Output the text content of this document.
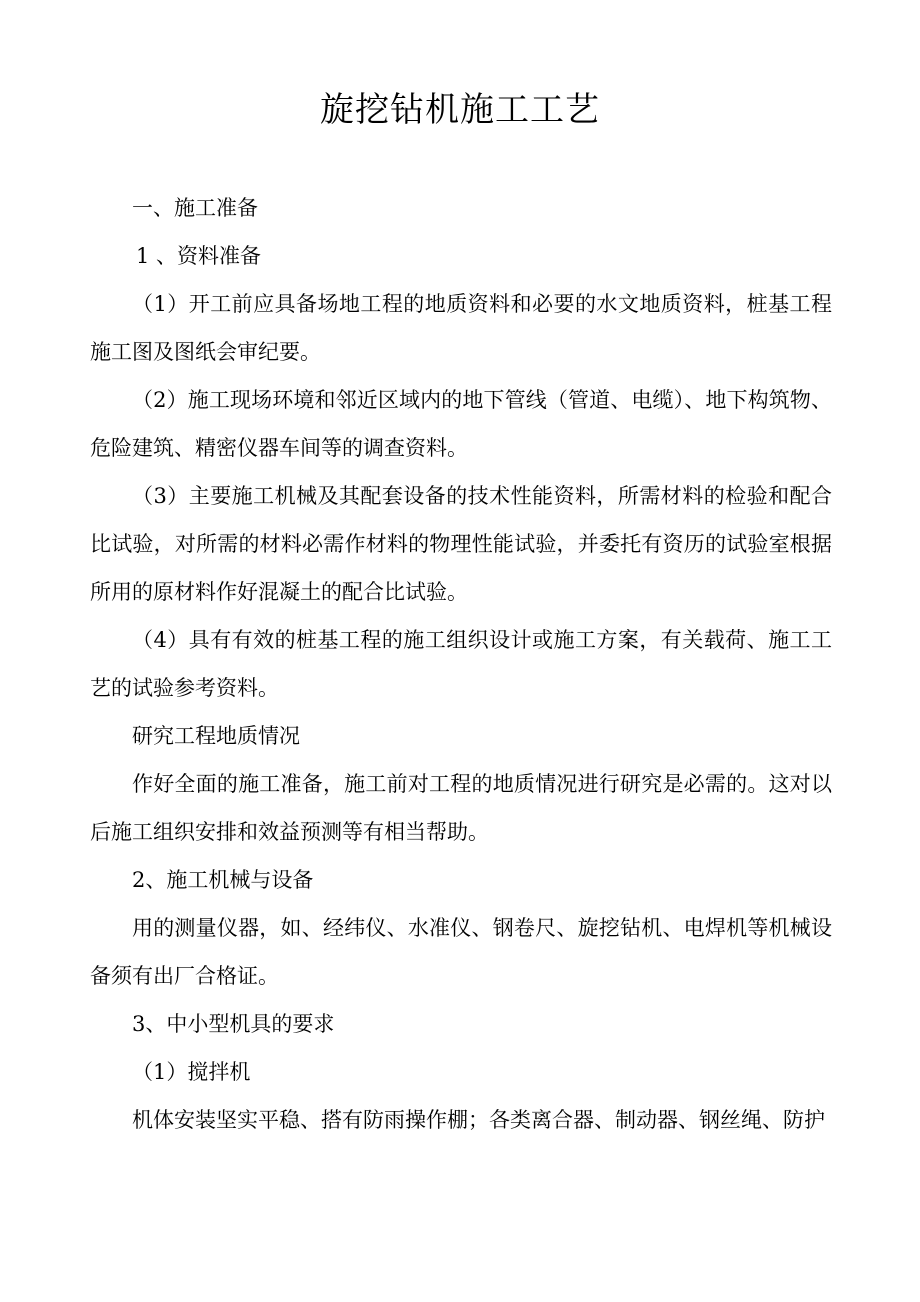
旋挖钻机施工工艺

一、施工准备

1 、资料准备

（1）开工前应具备场地工程的地质资料和必要的水文地质资料，桩基工程施工图及图纸会审纪要。

（2）施工现场环境和邻近区域内的地下管线（管道、电缆）、地下构筑物、危险建筑、精密仪器车间等的调查资料。

（3）主要施工机械及其配套设备的技术性能资料，所需材料的检验和配合比试验，对所需的材料必需作材料的物理性能试验，并委托有资历的试验室根据所用的原材料作好混凝土的配合比试验。

（4）具有有效的桩基工程的施工组织设计或施工方案，有关载荷、施工工艺的试验参考资料。

研究工程地质情况

作好全面的施工准备，施工前对工程的地质情况进行研究是必需的。这对以后施工组织安排和效益预测等有相当帮助。

2、施工机械与设备

用的测量仪器，如、经纬仪、水准仪、钢卷尺、旋挖钻机、电焊机等机械设备须有出厂合格证。

3、中小型机具的要求

（1）搅拌机

机体安装坚实平稳、搭有防雨操作棚；各类离合器、制动器、钢丝绳、防护
